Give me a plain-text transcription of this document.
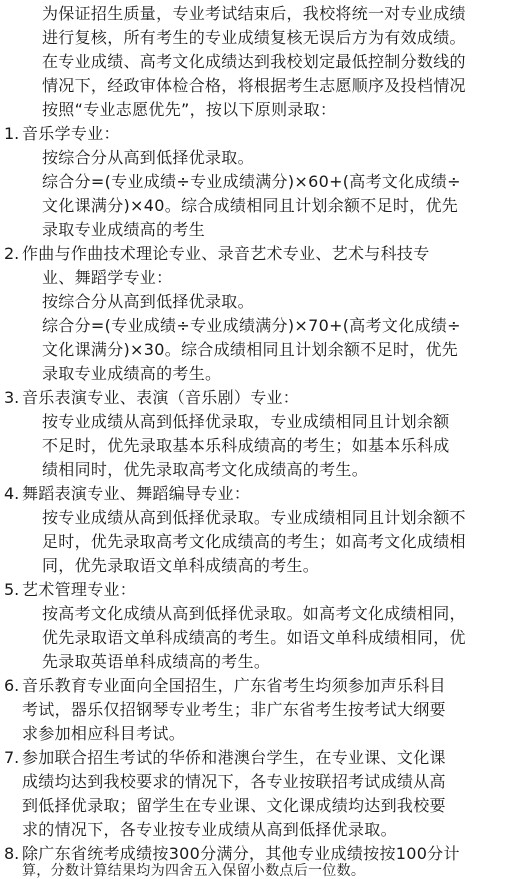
为保证招生质量，专业考试结束后，我校将统一对专业成绩
进行复核，所有考生的专业成绩复核无误后方为有效成绩。
在专业成绩、高考文化成绩达到我校划定最低控制分数线的
情况下，经政审体检合格，将根据考生志愿顺序及投档情况
按照“专业志愿优先”，按以下原则录取：
1. 音乐学专业：
按综合分从高到低择优录取。
综合分=(专业成绩÷专业成绩满分)×60+(高考文化成绩÷
文化课满分)×40。综合成绩相同且计划余额不足时，优先
录取专业成绩高的考生
2. 作曲与作曲技术理论专业、录音艺术专业、艺术与科技专
业、舞蹈学专业：
按综合分从高到低择优录取。
综合分=(专业成绩÷专业成绩满分)×70+(高考文化成绩÷
文化课满分)×30。综合成绩相同且计划余额不足时，优先
录取专业成绩高的考生。
3. 音乐表演专业、表演（音乐剧）专业：
按专业成绩从高到低择优录取，专业成绩相同且计划余额
不足时，优先录取基本乐科成绩高的考生；如基本乐科成
绩相同时，优先录取高考文化成绩高的考生。
4. 舞蹈表演专业、舞蹈编导专业：
按专业成绩从高到低择优录取。专业成绩相同且计划余额不
足时，优先录取高考文化成绩高的考生；如高考文化成绩相
同，优先录取语文单科成绩高的考生。
5. 艺术管理专业：
按高考文化成绩从高到低择优录取。如高考文化成绩相同，
优先录取语文单科成绩高的考生。如语文单科成绩相同，优
先录取英语单科成绩高的考生。
6. 音乐教育专业面向全国招生，广东省考生均须参加声乐科目
考试，器乐仅招钢琴专业考生；非广东省考生按考试大纲要
求参加相应科目考试。
7. 参加联合招生考试的华侨和港澳台学生，在专业课、文化课
成绩均达到我校要求的情况下，各专业按联招考试成绩从高
到低择优录取；留学生在专业课、文化课成绩均达到我校要
求的情况下，各专业按专业成绩从高到低择优录取。
8. 除广东省统考成绩按300分满分，其他专业成绩按按100分计
算，分数计算结果均为四舍五入保留小数点后一位数。
